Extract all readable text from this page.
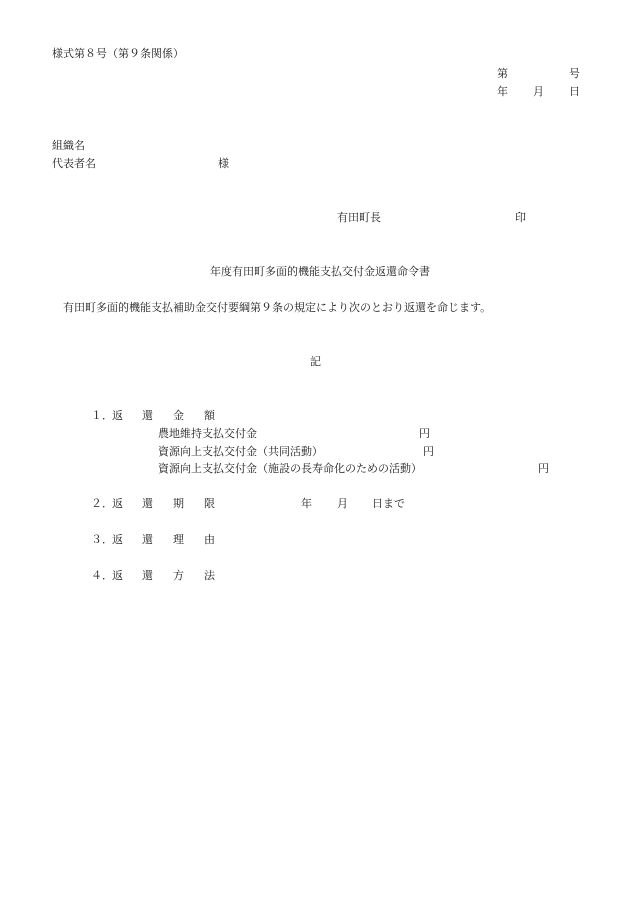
様式第８号（第９条関係）
第	号
年 月 日
組織名
代表者名	様
有田町長	印
年度有田町多面的機能支払交付金返還命令書
有田町多面的機能支払補助金交付要綱第９条の規定により次のとおり返還を命じます。
記
１． 返 還 金 額
農地維持支払交付金	円
資源向上支払交付金（共同活動）	円
資源向上支払交付金（施設の長寿命化のための活動）	円
２． 返 還 期 限	年 月 日まで
３． 返 還 理 由
４． 返 還 方 法
